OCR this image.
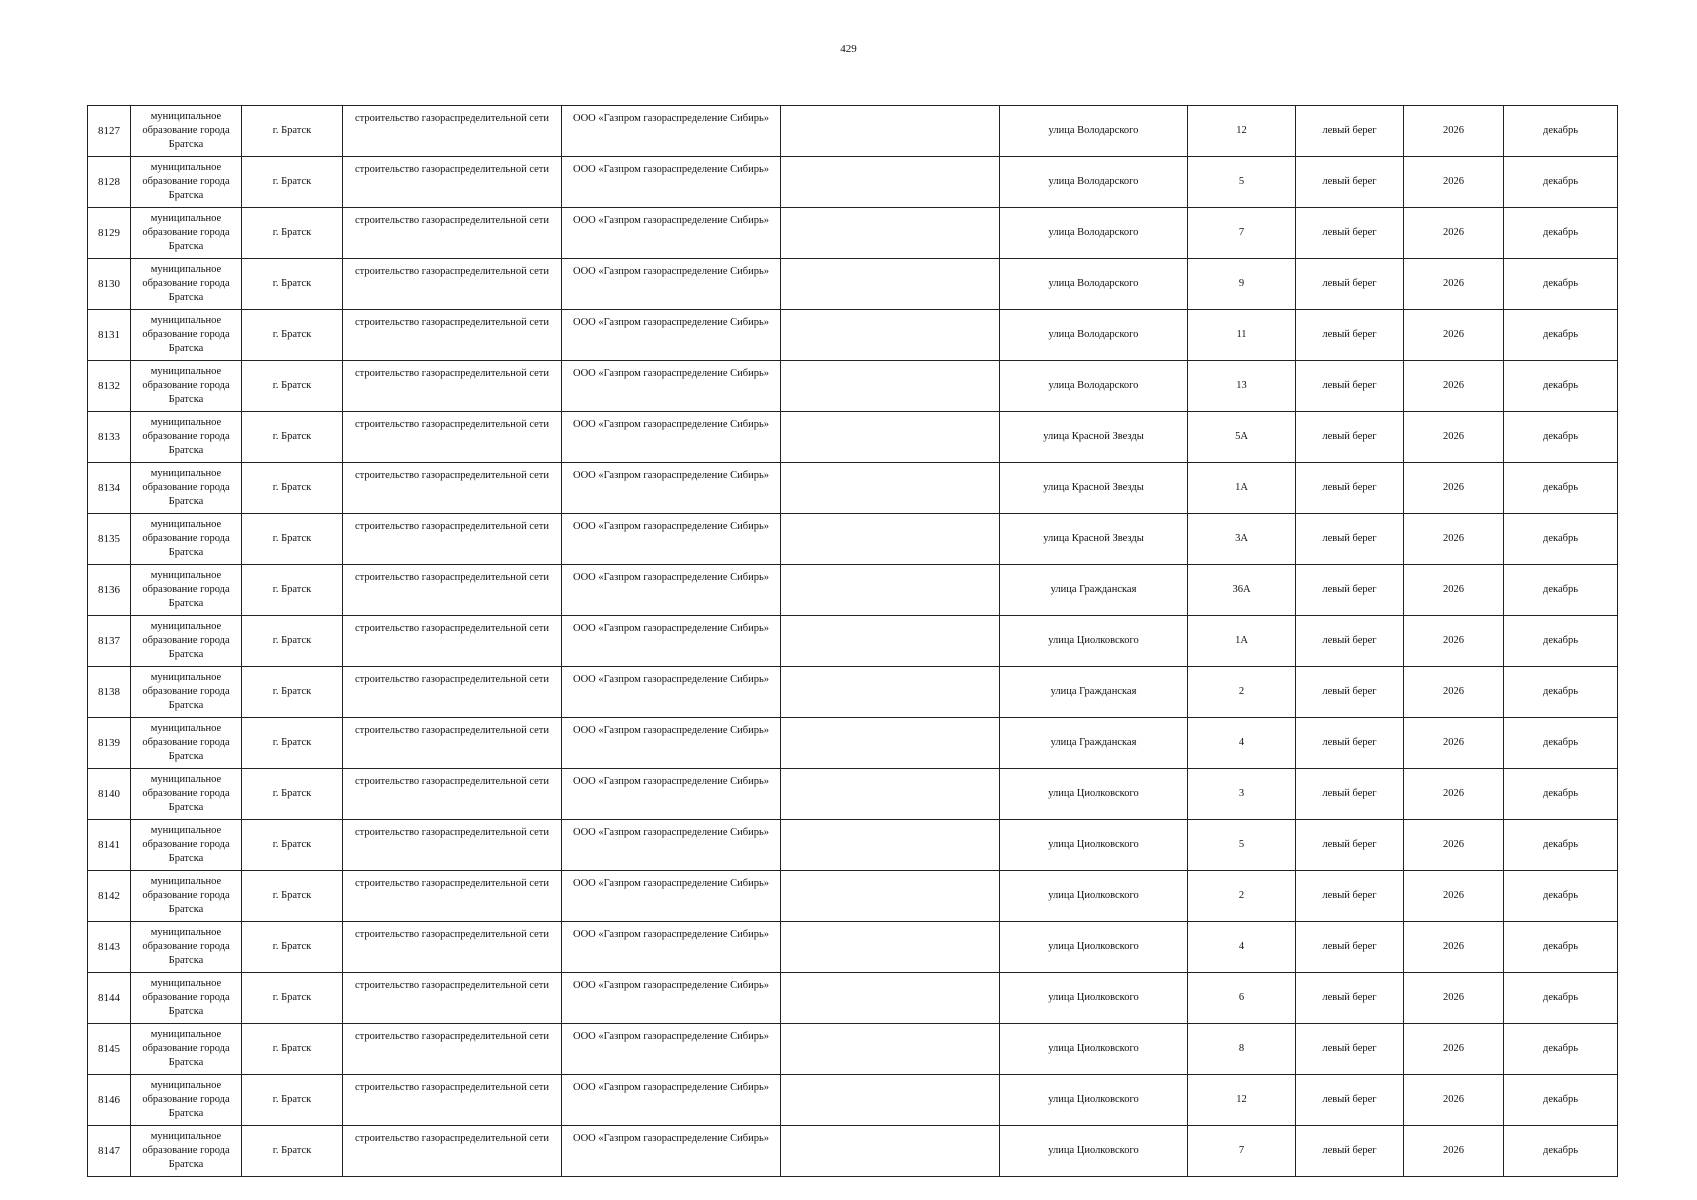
429
8127	муниципальное образование города Братска	г. Братск	строительство газораспределительной сети	ООО «Газпром газораспределение Сибирь»		улица Володарского	12	левый берег	2026	декабрь
8128	муниципальное образование города Братска	г. Братск	строительство газораспределительной сети	ООО «Газпром газораспределение Сибирь»		улица Володарского	5	левый берег	2026	декабрь
8129	муниципальное образование города Братска	г. Братск	строительство газораспределительной сети	ООО «Газпром газораспределение Сибирь»		улица Володарского	7	левый берег	2026	декабрь
8130	муниципальное образование города Братска	г. Братск	строительство газораспределительной сети	ООО «Газпром газораспределение Сибирь»		улица Володарского	9	левый берег	2026	декабрь
8131	муниципальное образование города Братска	г. Братск	строительство газораспределительной сети	ООО «Газпром газораспределение Сибирь»		улица Володарского	11	левый берег	2026	декабрь
8132	муниципальное образование города Братска	г. Братск	строительство газораспределительной сети	ООО «Газпром газораспределение Сибирь»		улица Володарского	13	левый берег	2026	декабрь
8133	муниципальное образование города Братска	г. Братск	строительство газораспределительной сети	ООО «Газпром газораспределение Сибирь»		улица Красной Звезды	5А	левый берег	2026	декабрь
8134	муниципальное образование города Братска	г. Братск	строительство газораспределительной сети	ООО «Газпром газораспределение Сибирь»		улица Красной Звезды	1А	левый берег	2026	декабрь
8135	муниципальное образование города Братска	г. Братск	строительство газораспределительной сети	ООО «Газпром газораспределение Сибирь»		улица Красной Звезды	3А	левый берег	2026	декабрь
8136	муниципальное образование города Братска	г. Братск	строительство газораспределительной сети	ООО «Газпром газораспределение Сибирь»		улица Гражданская	36А	левый берег	2026	декабрь
8137	муниципальное образование города Братска	г. Братск	строительство газораспределительной сети	ООО «Газпром газораспределение Сибирь»		улица Циолковского	1А	левый берег	2026	декабрь
8138	муниципальное образование города Братска	г. Братск	строительство газораспределительной сети	ООО «Газпром газораспределение Сибирь»		улица Гражданская	2	левый берег	2026	декабрь
8139	муниципальное образование города Братска	г. Братск	строительство газораспределительной сети	ООО «Газпром газораспределение Сибирь»		улица Гражданская	4	левый берег	2026	декабрь
8140	муниципальное образование города Братска	г. Братск	строительство газораспределительной сети	ООО «Газпром газораспределение Сибирь»		улица Циолковского	3	левый берег	2026	декабрь
8141	муниципальное образование города Братска	г. Братск	строительство газораспределительной сети	ООО «Газпром газораспределение Сибирь»		улица Циолковского	5	левый берег	2026	декабрь
8142	муниципальное образование города Братска	г. Братск	строительство газораспределительной сети	ООО «Газпром газораспределение Сибирь»		улица Циолковского	2	левый берег	2026	декабрь
8143	муниципальное образование города Братска	г. Братск	строительство газораспределительной сети	ООО «Газпром газораспределение Сибирь»		улица Циолковского	4	левый берег	2026	декабрь
8144	муниципальное образование города Братска	г. Братск	строительство газораспределительной сети	ООО «Газпром газораспределение Сибирь»		улица Циолковского	6	левый берег	2026	декабрь
8145	муниципальное образование города Братска	г. Братск	строительство газораспределительной сети	ООО «Газпром газораспределение Сибирь»		улица Циолковского	8	левый берег	2026	декабрь
8146	муниципальное образование города Братска	г. Братск	строительство газораспределительной сети	ООО «Газпром газораспределение Сибирь»		улица Циолковского	12	левый берег	2026	декабрь
8147	муниципальное образование города Братска	г. Братск	строительство газораспределительной сети	ООО «Газпром газораспределение Сибирь»		улица Циолковского	7	левый берег	2026	декабрь
